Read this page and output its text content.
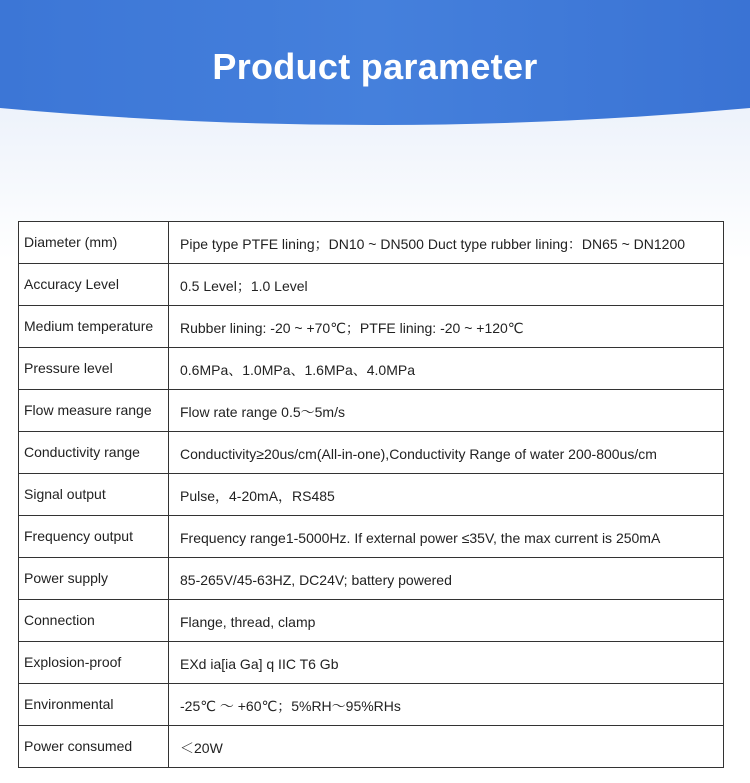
Product parameter
Diameter (mm)	Pipe type PTFE lining；DN10 ~ DN500 Duct type rubber lining：DN65 ~ DN1200
Accuracy Level	0.5 Level；1.0 Level
Medium temperature	Rubber lining: -20 ~ +70℃；PTFE lining: -20 ~ +120℃
Pressure level	0.6MPa、1.0MPa、1.6MPa、4.0MPa
Flow measure range	Flow rate range 0.5～5m/s
Conductivity range	Conductivity≥20us/cm(All-in-one),Conductivity Range of water 200-800us/cm
Signal output	Pulse，4-20mA，RS485
Frequency output	Frequency range1-5000Hz. If external power ≤35V, the max current is 250mA
Power supply	85-265V/45-63HZ, DC24V; battery powered
Connection	Flange, thread, clamp
Explosion-proof	EXd ia[ia Ga] q IIC T6 Gb
Environmental	-25℃ ～ +60℃；5%RH～95%RHs
Power consumed	＜20W
